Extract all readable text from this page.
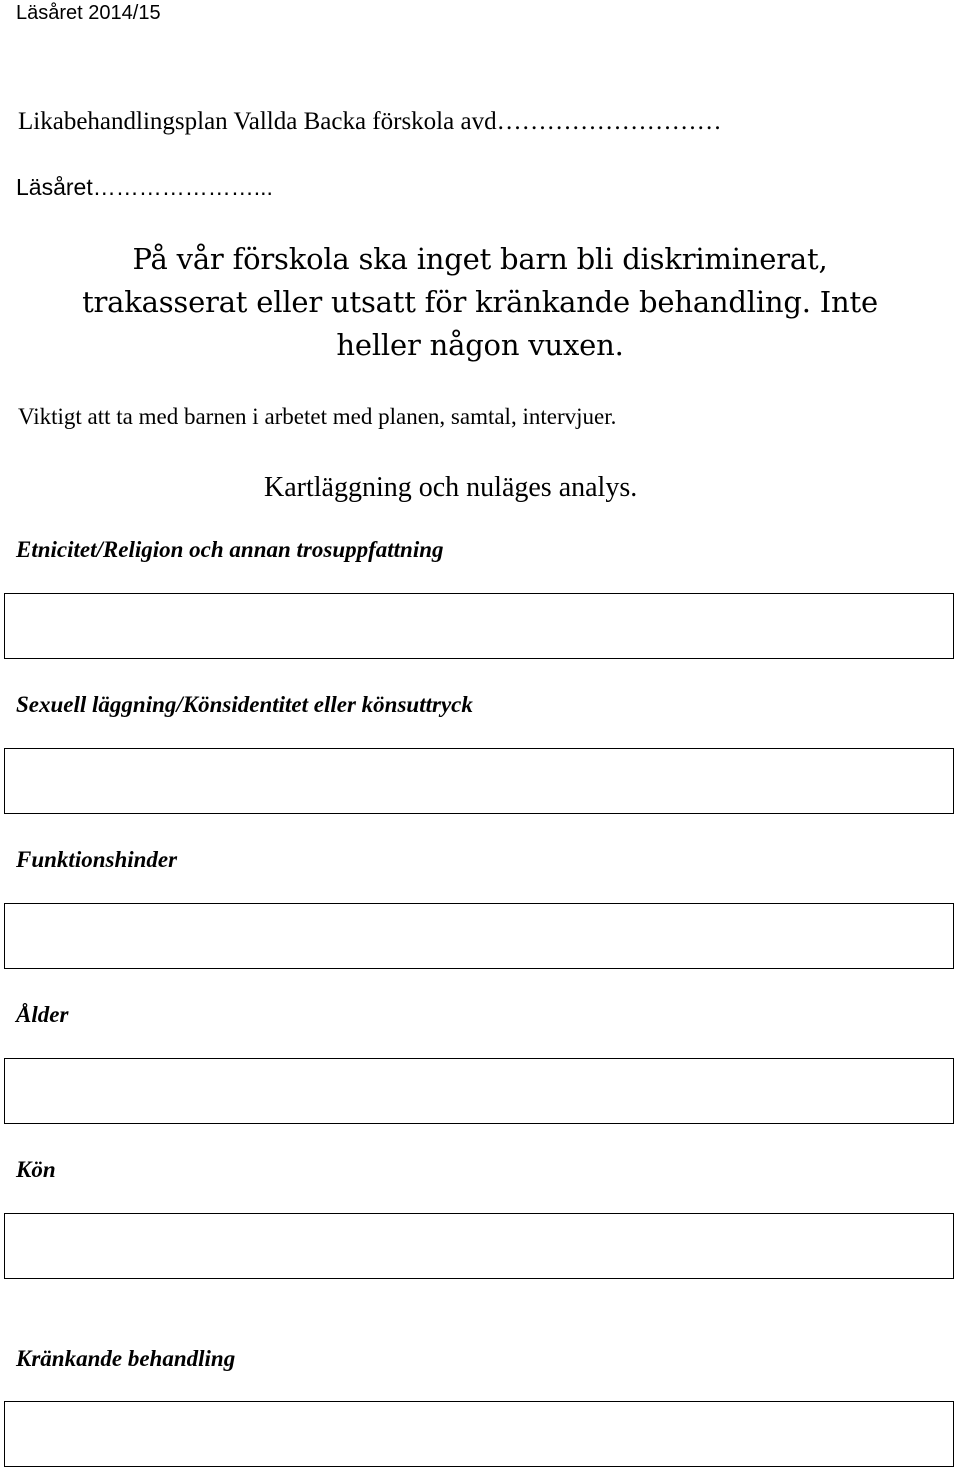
Läsåret 2014/15
Likabehandlingsplan Vallda Backa förskola avd………………………
Läsåret…………………...
På vår förskola ska inget barn bli diskriminerat,
trakasserat eller utsatt för kränkande behandling. Inte
heller någon vuxen.
Viktigt att ta med barnen i arbetet med planen, samtal, intervjuer.
Kartläggning och nuläges analys.
Etnicitet/Religion och annan trosuppfattning
Sexuell läggning/Könsidentitet eller könsuttryck
Funktionshinder
Ålder
Kön
Kränkande behandling
